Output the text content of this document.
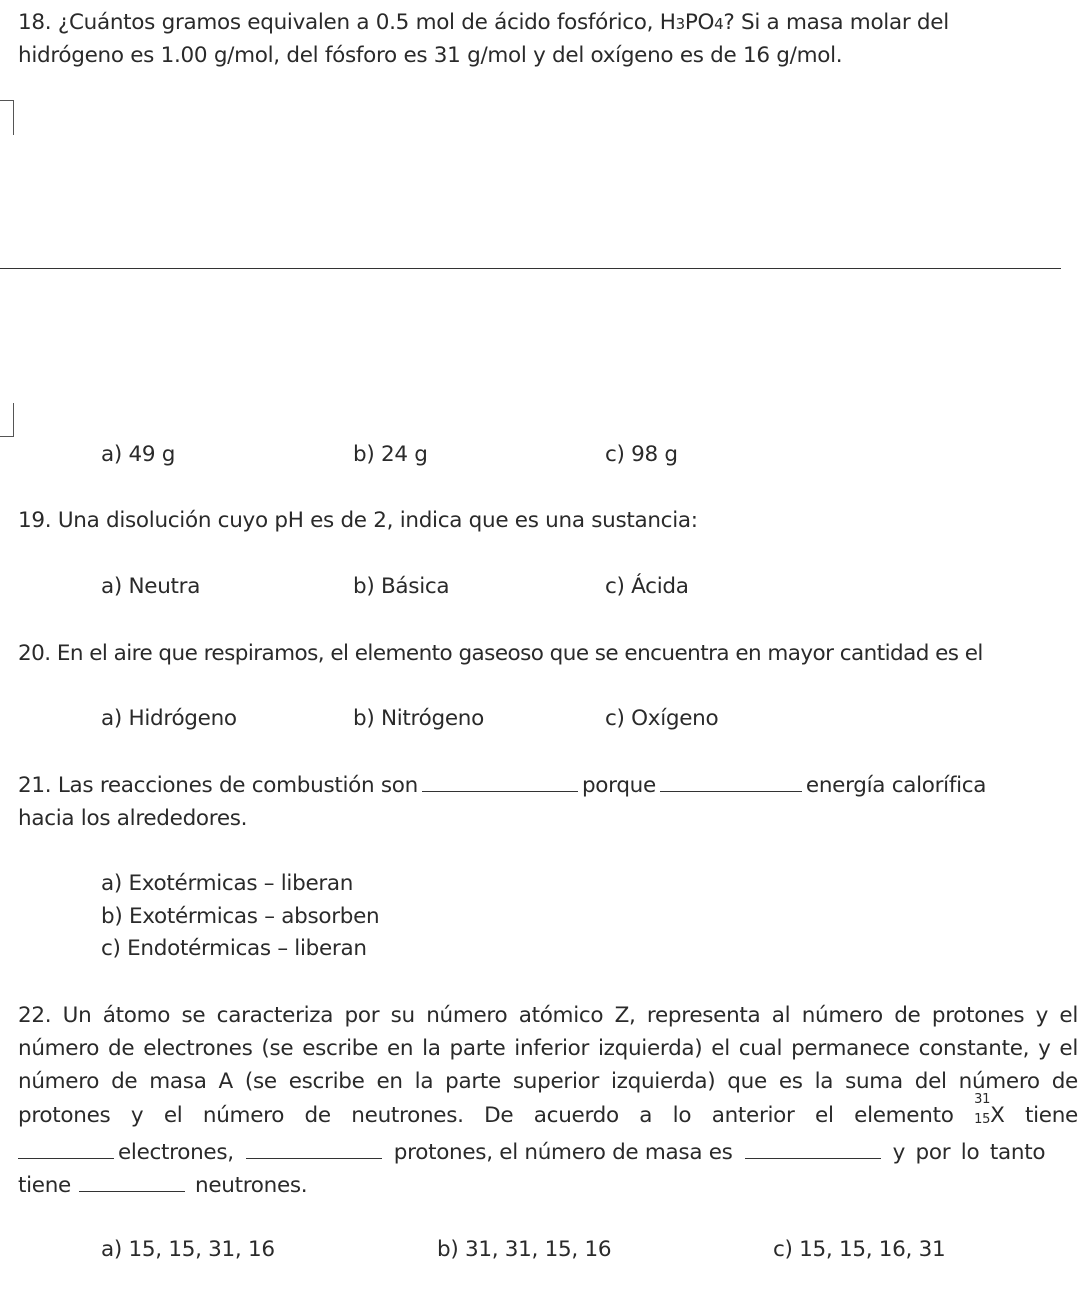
18. ¿Cuántos gramos equivalen a 0.5 mol de ácido fosfórico, H3PO4? Si a masa molar del
hidrógeno es 1.00 g/mol, del fósforo es 31 g/mol y del oxígeno es de 16 g/mol.
a) 49 g	b) 24 g	c) 98 g
19. Una disolución cuyo pH es de 2, indica que es una sustancia:
a) Neutra	b) Básica	c) Ácida
20. En el aire que respiramos, el elemento gaseoso que se encuentra en mayor cantidad es el
a) Hidrógeno	b) Nitrógeno	c) Oxígeno
21. Las reacciones de combustión son	porque	energía calorífica
hacia los alrededores.
a) Exotérmicas – liberan
b) Exotérmicas – absorben
c) Endotérmicas – liberan
22. Un átomo se caracteriza por su número atómico Z, representa al número de protones y el
número de electrones (se escribe en la parte inferior izquierda) el cual permanece constante, y el
número de masa A (se escribe en la parte superior izquierda) que es la suma del número de
protones y el número de neutrones. De acuerdo a lo anterior el elemento
31
15 X tiene
electrones,	protones, el número de masa es	y por lo tanto
tiene	neutrones.
a) 15, 15, 31, 16	b) 31, 31, 15, 16	c) 15, 15, 16, 31
